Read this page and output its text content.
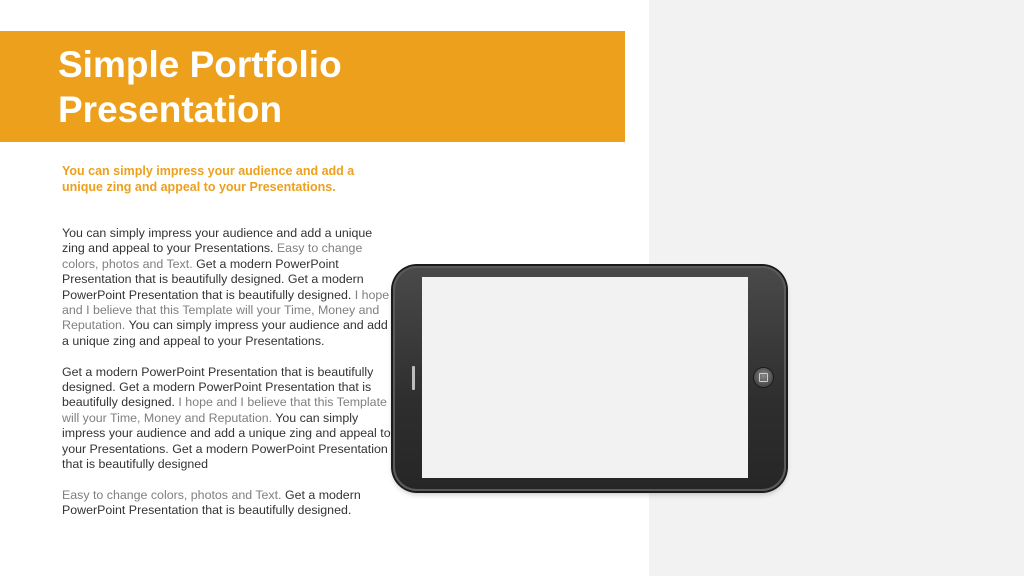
Simple Portfolio
Presentation

You can simply impress your audience and add a unique zing and appeal to your Presentations.

You can simply impress your audience and add a unique zing and appeal to your Presentations. Easy to change colors, photos and Text. Get a modern PowerPoint Presentation that is beautifully designed. Get a modern PowerPoint Presentation that is beautifully designed. I hope and I believe that this Template will your Time, Money and Reputation. You can simply impress your audience and add a unique zing and appeal to your Presentations.

Get a modern PowerPoint Presentation that is beautifully designed. Get a modern PowerPoint Presentation that is beautifully designed. I hope and I believe that this Template will your Time, Money and Reputation. You can simply impress your audience and add a unique zing and appeal to your Presentations. Get a modern PowerPoint Presentation that is beautifully designed

Easy to change colors, photos and Text. Get a modern PowerPoint Presentation that is beautifully designed.
